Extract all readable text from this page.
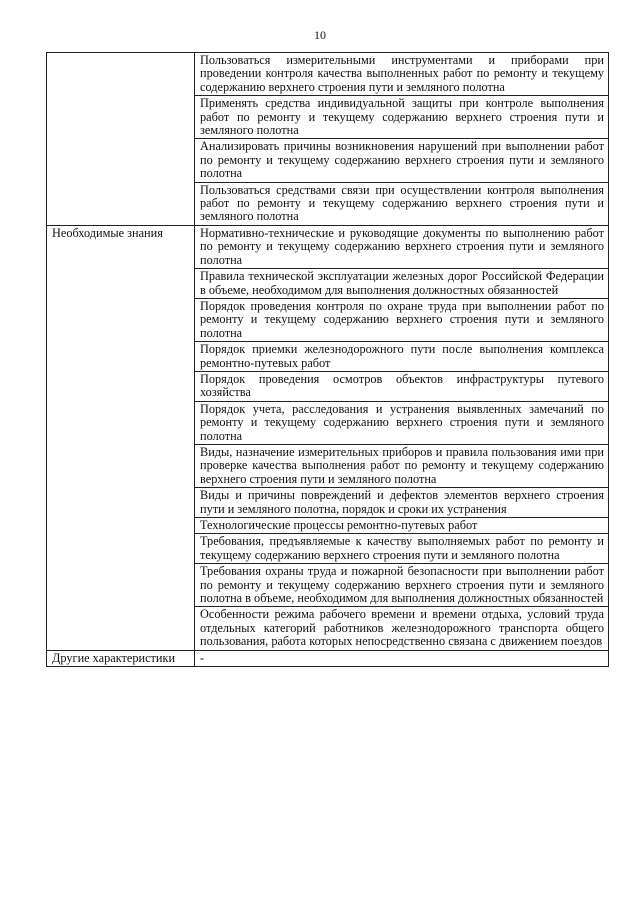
10
	Пользоваться измерительными инструментами и приборами при проведении контроля качества выполненных работ по ремонту и текущему содержанию верхнего строения пути и земляного полотна
	Применять средства индивидуальной защиты при контроле выполнения работ по ремонту и текущему содержанию верхнего строения пути и земляного полотна
	Анализировать причины возникновения нарушений при выполнении работ по ремонту и текущему содержанию верхнего строения пути и земляного полотна
	Пользоваться средствами связи при осуществлении контроля выполнения работ по ремонту и текущему содержанию верхнего строения пути и земляного полотна
Необходимые знания	Нормативно-технические и руководящие документы по выполнению работ по ремонту и текущему содержанию верхнего строения пути и земляного полотна
	Правила технической эксплуатации железных дорог Российской Федерации в объеме, необходимом для выполнения должностных обязанностей
	Порядок проведения контроля по охране труда при выполнении работ по ремонту и текущему содержанию верхнего строения пути и земляного полотна
	Порядок приемки железнодорожного пути после выполнения комплекса ремонтно-путевых работ
	Порядок проведения осмотров объектов инфраструктуры путевого хозяйства
	Порядок учета, расследования и устранения выявленных замечаний по ремонту и текущему содержанию верхнего строения пути и земляного полотна
	Виды, назначение измерительных приборов и правила пользования ими при проверке качества выполнения работ по ремонту и текущему содержанию верхнего строения пути и земляного полотна
	Виды и причины повреждений и дефектов элементов верхнего строения пути и земляного полотна, порядок и сроки их устранения
	Технологические процессы ремонтно-путевых работ
	Требования, предъявляемые к качеству выполняемых работ по ремонту и текущему содержанию верхнего строения пути и земляного полотна
	Требования охраны труда и пожарной безопасности при выполнении работ по ремонту и текущему содержанию верхнего строения пути и земляного полотна в объеме, необходимом для выполнения должностных обязанностей
	Особенности режима рабочего времени и времени отдыха, условий труда отдельных категорий работников железнодорожного транспорта общего пользования, работа которых непосредственно связана с движением поездов
Другие характеристики	-
